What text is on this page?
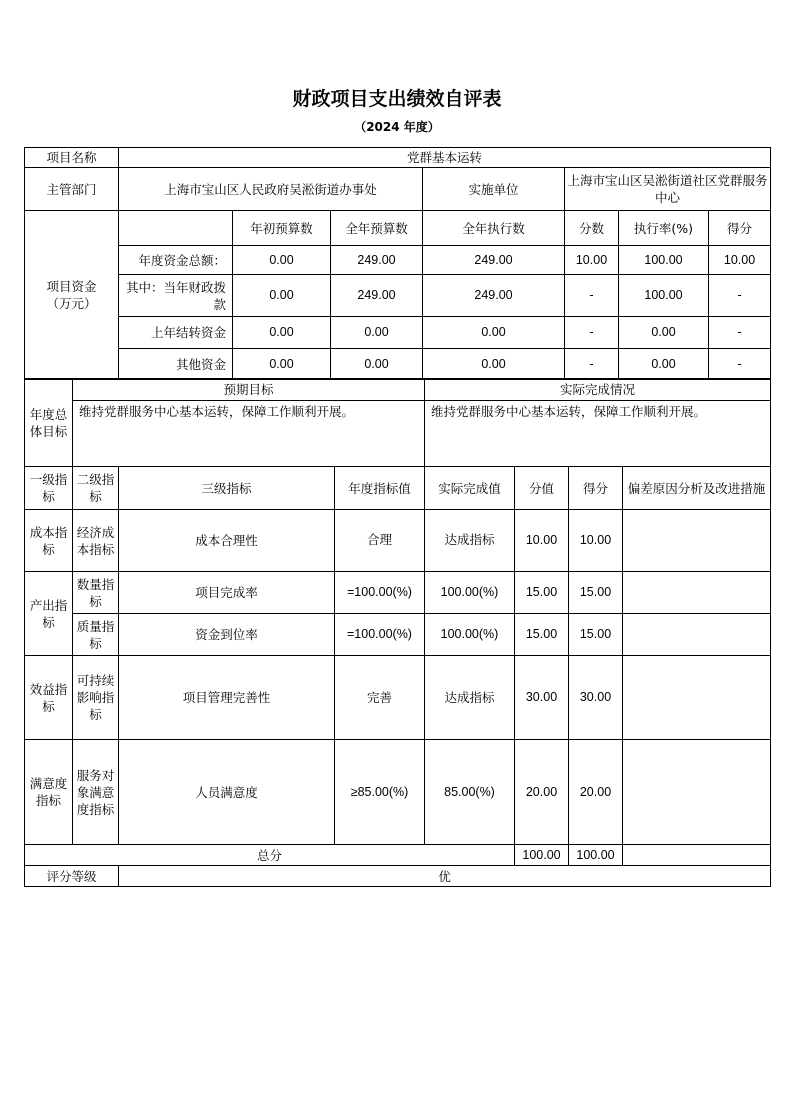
财政项目支出绩效自评表
（2024 年度）
项目名称	党群基本运转						
主管部门	上海市宝山区人民政府吴淞街道办事处			实施单位	上海市宝山区吴淞街道社区党群服务中心		
项目资金
（万元）		年初预算数	全年预算数	全年执行数	分数	执行率(%)	得分
	年度资金总额：	0.00	249.00	249.00	10.00	100.00	10.00
	其中：当年财政拨款	0.00	249.00	249.00	-	100.00	-
	上年结转资金	0.00	0.00	0.00	-	0.00	-
	其他资金	0.00	0.00	0.00	-	0.00	-
年度总体目标	预期目标	实际完成情况
	维持党群服务中心基本运转，保障工作顺利开展。	维持党群服务中心基本运转，保障工作顺利开展。
一级指标	二级指标	三级指标	年度指标值	实际完成值	分值	得分	偏差原因分析及改进措施
成本指标	经济成本指标	成本合理性	合理	达成指标	10.00	10.00	
产出指标	数量指标	项目完成率	=100.00(%)	100.00(%)	15.00	15.00	
	质量指标	资金到位率	=100.00(%)	100.00(%)	15.00	15.00	
效益指标	可持续影响指标	项目管理完善性	完善	达成指标	30.00	30.00	
满意度指标	服务对象满意度指标	人员满意度	≥85.00(%)	85.00(%)	20.00	20.00	
总分					100.00	100.00	
评分等级		优					
